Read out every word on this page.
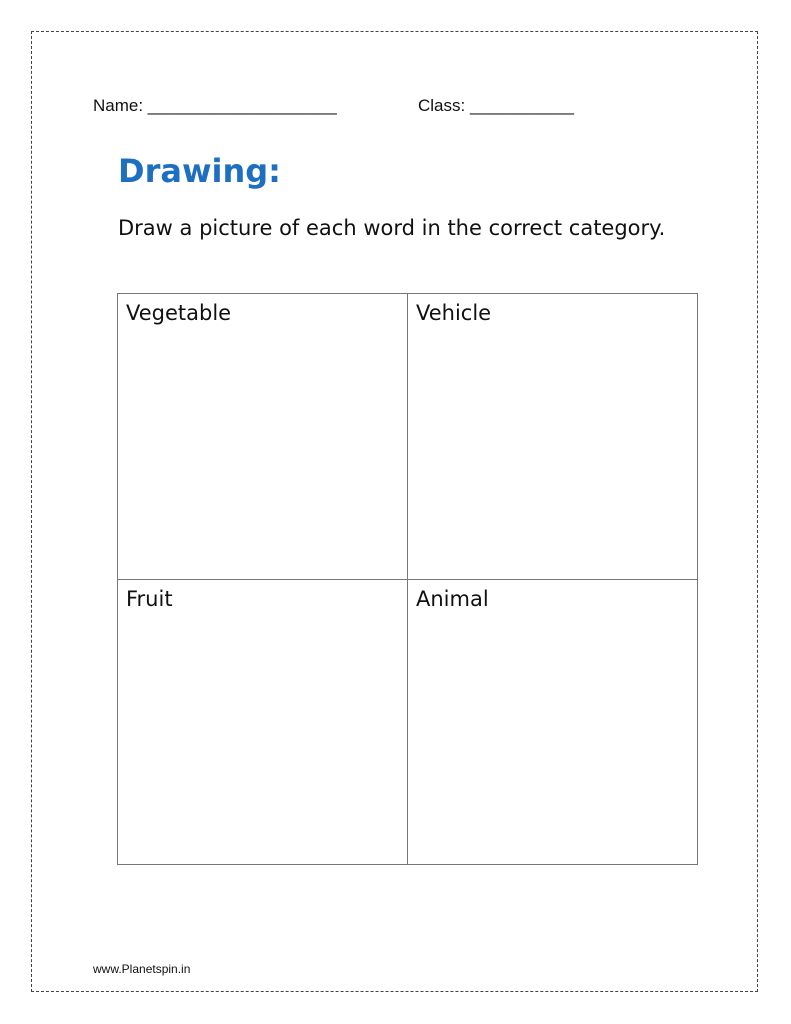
Name: ____________________	Class: ___________
Drawing:
Draw a picture of each word in the correct category.
Vegetable	Vehicle
Fruit	Animal
www.Planetspin.in
